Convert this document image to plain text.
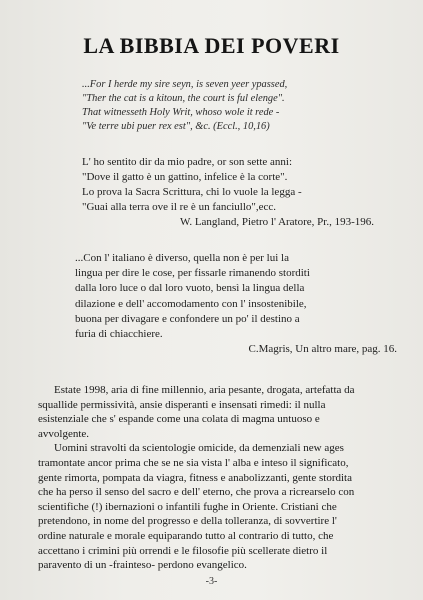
LA BIBBIA DEI POVERI
...For I herde my sire seyn, is seven yeer ypassed,
"Ther the cat is a kitoun, the court is ful elenge".
That witnesseth Holy Writ, whoso wole it rede -
"Ve terre ubi puer rex est", &c. (Eccl., 10,16)
L' ho sentito dir da mio padre, or son sette anni:
"Dove il gatto è un gattino, infelice è la corte".
Lo prova la Sacra Scrittura, chi lo vuole la legga -
"Guai alla terra ove il re è un fanciullo",ecc.
W. Langland, Pietro l' Aratore, Pr., 193-196.
...Con l' italiano è diverso, quella non è per lui la
lingua per dire le cose, per fissarle rimanendo storditi
dalla loro luce o dal loro vuoto, bensì la lingua della
dilazione e dell' accomodamento con l' insostenibile,
buona per divagare e confondere un po' il destino a
furia di chiacchiere.
C.Magris, Un altro mare, pag. 16.
Estate 1998, aria di fine millennio, aria pesante, drogata, artefatta da
squallide permissività, ansie disperanti e insensati rimedi: il nulla
esistenziale che s' espande come una colata di magma untuoso e
avvolgente.
Uomini stravolti da scientologie omicide, da demenziali new ages
tramontate ancor prima che se ne sia vista l' alba e inteso il significato,
gente rimorta, pompata da viagra, fitness e anabolizzanti, gente stordita
che ha perso il senso del sacro e dell' eterno, che prova a ricrearselo con
scientifiche (!) ibernazioni o infantili fughe in Oriente. Cristiani che
pretendono, in nome del progresso e della tolleranza, di sovvertire l'
ordine naturale e morale equiparando tutto al contrario di tutto, che
accettano i crimini più orrendi e le filosofie più scellerate dietro il
paravento di un -frainteso- perdono evangelico.
-3-
